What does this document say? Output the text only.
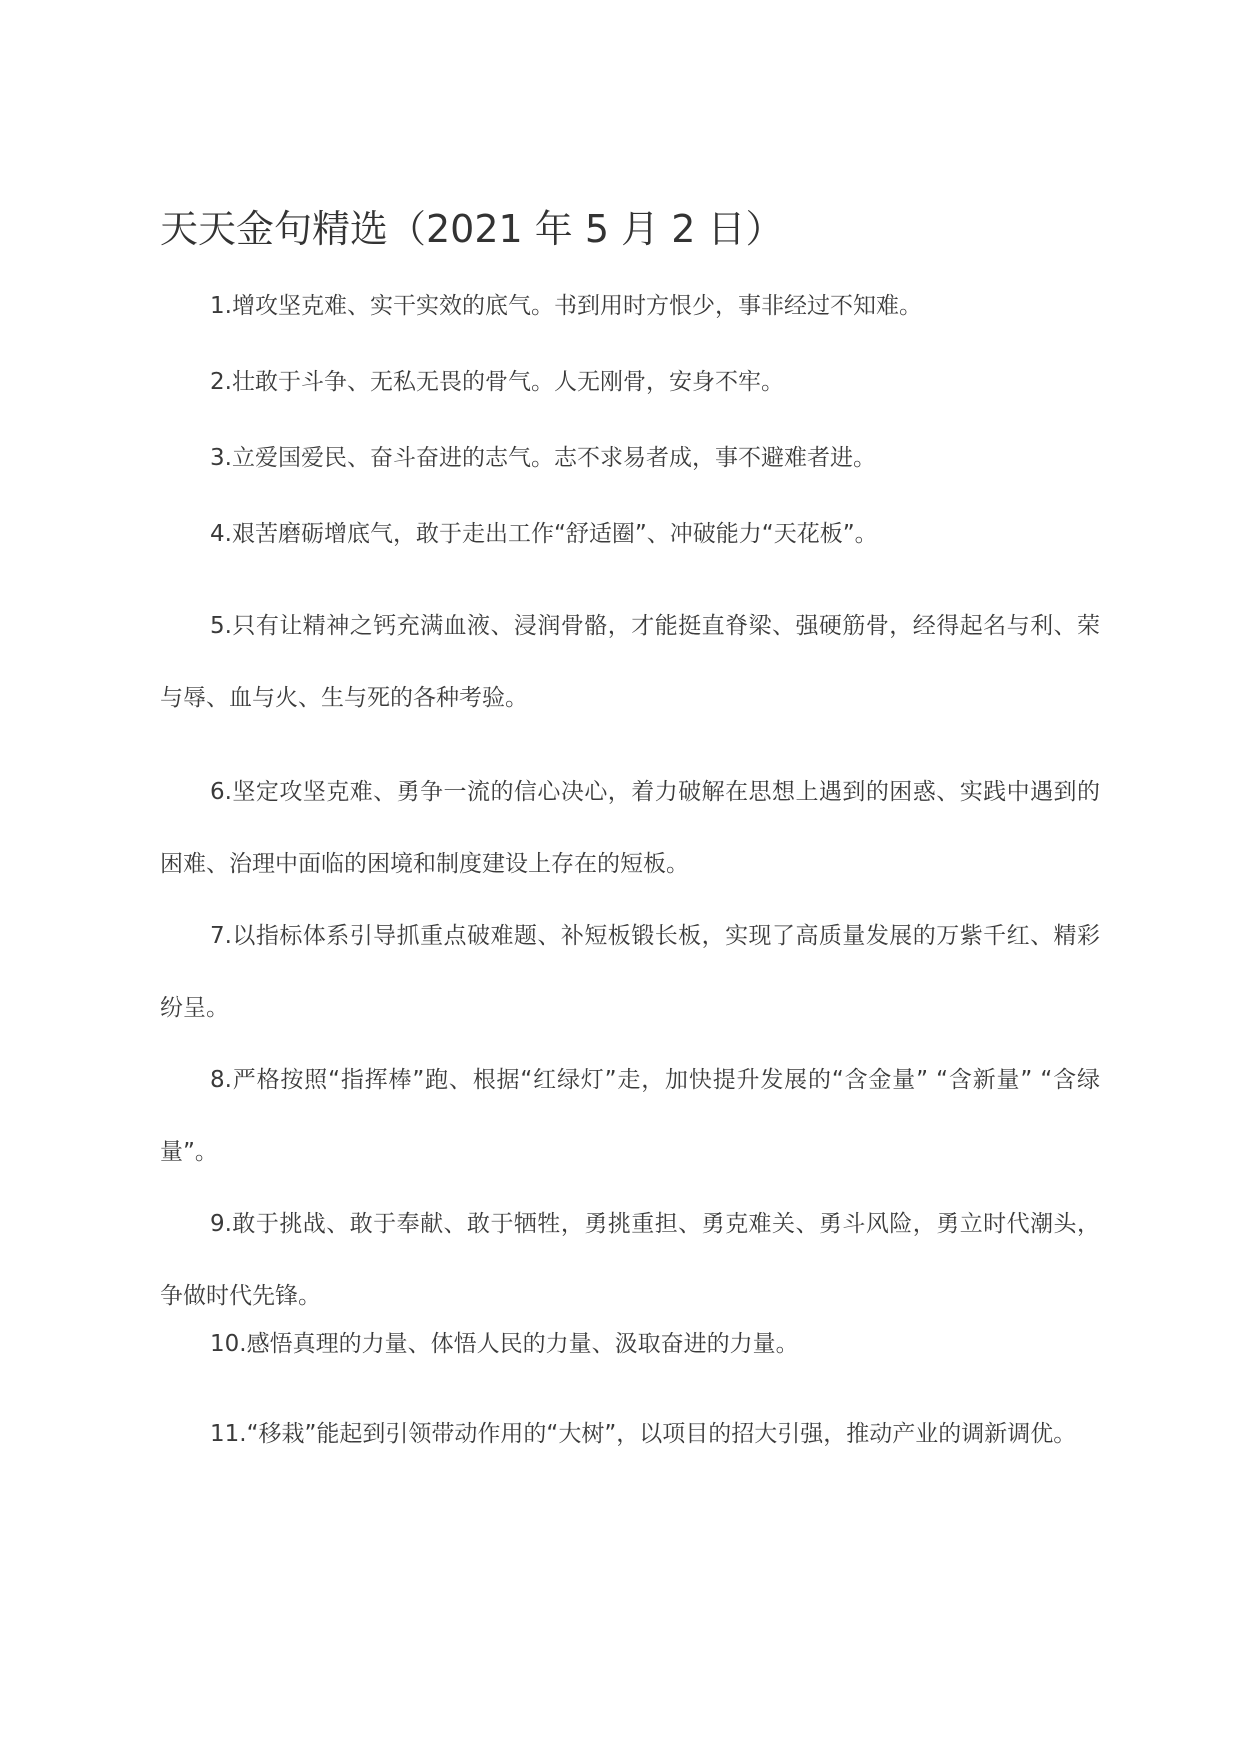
天天金句精选（2021 年 5 月 2 日）

1.增攻坚克难、实干实效的底气。书到用时方恨少，事非经过不知难。

2.壮敢于斗争、无私无畏的骨气。人无刚骨，安身不牢。

3.立爱国爱民、奋斗奋进的志气。志不求易者成，事不避难者进。

4.艰苦磨砺增底气，敢于走出工作“舒适圈”、冲破能力“天花板”。

5.只有让精神之钙充满血液、浸润骨骼，才能挺直脊梁、强硬筋骨，经得起名与利、荣与辱、血与火、生与死的各种考验。

6.坚定攻坚克难、勇争一流的信心决心，着力破解在思想上遇到的困惑、实践中遇到的困难、治理中面临的困境和制度建设上存在的短板。

7.以指标体系引导抓重点破难题、补短板锻长板，实现了高质量发展的万紫千红、精彩纷呈。

8.严格按照“指挥棒”跑、根据“红绿灯”走，加快提升发展的“含金量” “含新量” “含绿量”。

9.敢于挑战、敢于奉献、敢于牺牲，勇挑重担、勇克难关、勇斗风险，勇立时代潮头，争做时代先锋。

10.感悟真理的力量、体悟人民的力量、汲取奋进的力量。

11.“移栽”能起到引领带动作用的“大树”，以项目的招大引强，推动产业的调新调优。
